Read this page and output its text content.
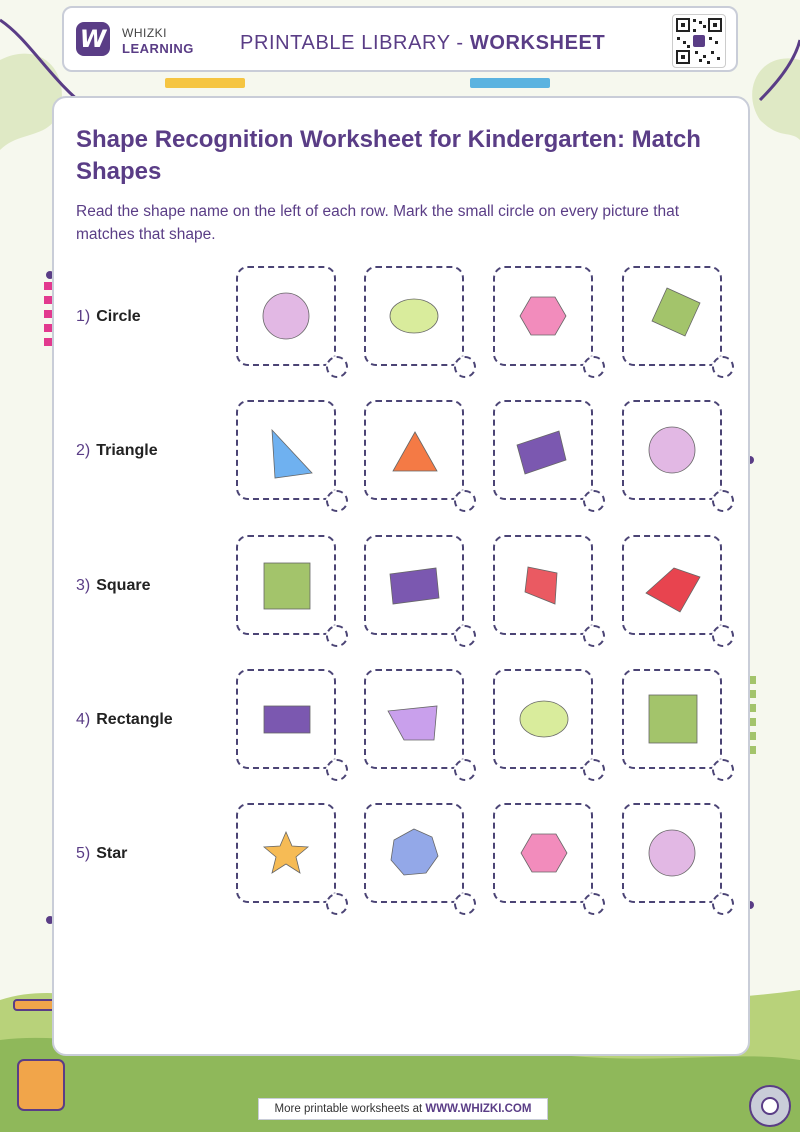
W	WHIZKI
LEARNING PRINTABLE LIBRARY - WORKSHEET
Shape Recognition Worksheet for Kindergarten: Match Shapes

Read the shape name on the left of each row. Mark the small circle on every picture that matches that shape.

1) Circle
2) Triangle
3) Square
4) Rectangle
5) Star
More printable worksheets at WWW.WHIZKI.COM
